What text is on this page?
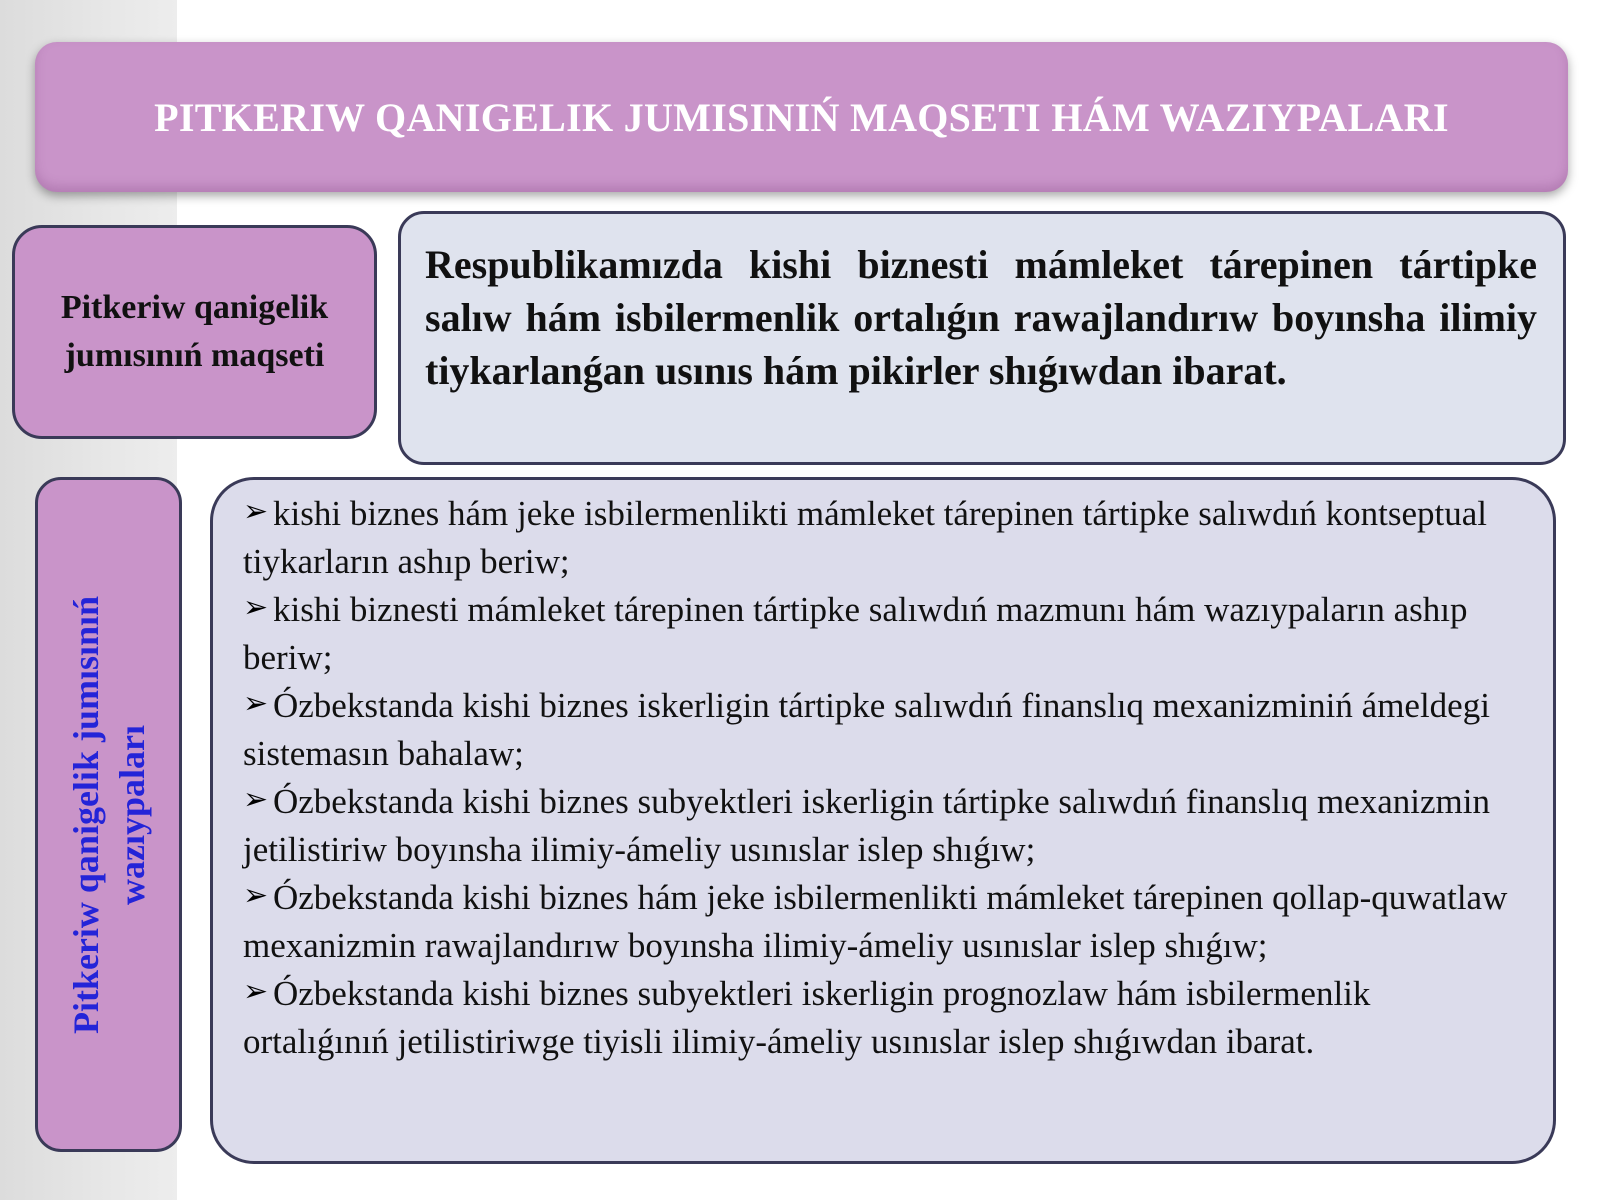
PITKERIW QANIGELIK JUMISINIŃ MAQSETI HÁM WAZIYPALARI
Pitkeriw qanigelik jumısınıń maqseti

Respublikamızda kishi biznesti mámleket tárepinen tártipke salıw hám isbilermenlik ortalıǵın rawajlandırıw boyınsha ilimiy tiykarlanǵan usınıs hám pikirler shıǵıwdan ibarat.

Pitkeriw qanigelik jumısınıń wazıypaları
➢ kishi biznes hám jeke isbilermenlikti mámleket tárepinen tártipke salıwdıń kontseptual tiykarların ashıp beriw;
➢ kishi biznesti mámleket tárepinen tártipke salıwdıń mazmunı hám wazıypaların ashıp beriw;
➢ Ózbekstanda kishi biznes iskerligin tártipke salıwdıń finanslıq mexanizminiń ámeldegi sistemasın bahalaw;
➢ Ózbekstanda kishi biznes subyektleri iskerligin tártipke salıwdıń finanslıq mexanizmin jetilistiriw boyınsha ilimiy-ámeliy usınıslar islep shıǵıw;
➢ Ózbekstanda kishi biznes hám jeke isbilermenlikti mámleket tárepinen qollap-quwatlaw mexanizmin rawajlandırıw boyınsha ilimiy-ámeliy usınıslar islep shıǵıw;
➢ Ózbekstanda kishi biznes subyektleri iskerligin prognozlaw hám isbilermenlik ortalıǵınıń jetilistiriwge tiyisli ilimiy-ámeliy usınıslar islep shıǵıwdan ibarat.
